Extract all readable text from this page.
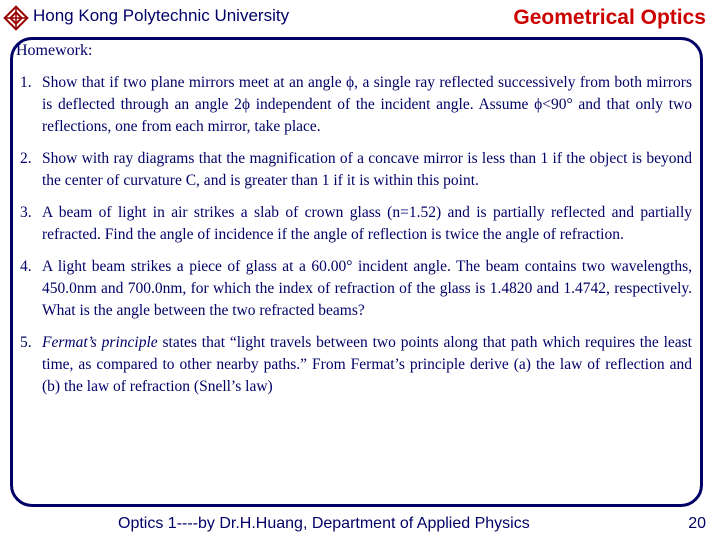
Hong Kong Polytechnic University	Geometrical Optics
Homework:
1. Show that if two plane mirrors meet at an angle ϕ, a single ray reflected successively from both mirrors is deflected through an angle 2ϕ independent of the incident angle. Assume ϕ<90° and that only two reflections, one from each mirror, take place.
2. Show with ray diagrams that the magnification of a concave mirror is less than 1 if the object is beyond the center of curvature C, and is greater than 1 if it is within this point.
3. A beam of light in air strikes a slab of crown glass (n=1.52) and is partially reflected and partially refracted. Find the angle of incidence if the angle of reflection is twice the angle of refraction.
4. A light beam strikes a piece of glass at a 60.00° incident angle. The beam contains two wavelengths, 450.0nm and 700.0nm, for which the index of refraction of the glass is 1.4820 and 1.4742, respectively. What is the angle between the two refracted beams?
5. Fermat’s principle states that “light travels between two points along that path which requires the least time, as compared to other nearby paths.” From Fermat’s principle derive (a) the law of reflection and (b) the law of refraction (Snell’s law)
Optics 1----by Dr.H.Huang, Department of Applied Physics	20
